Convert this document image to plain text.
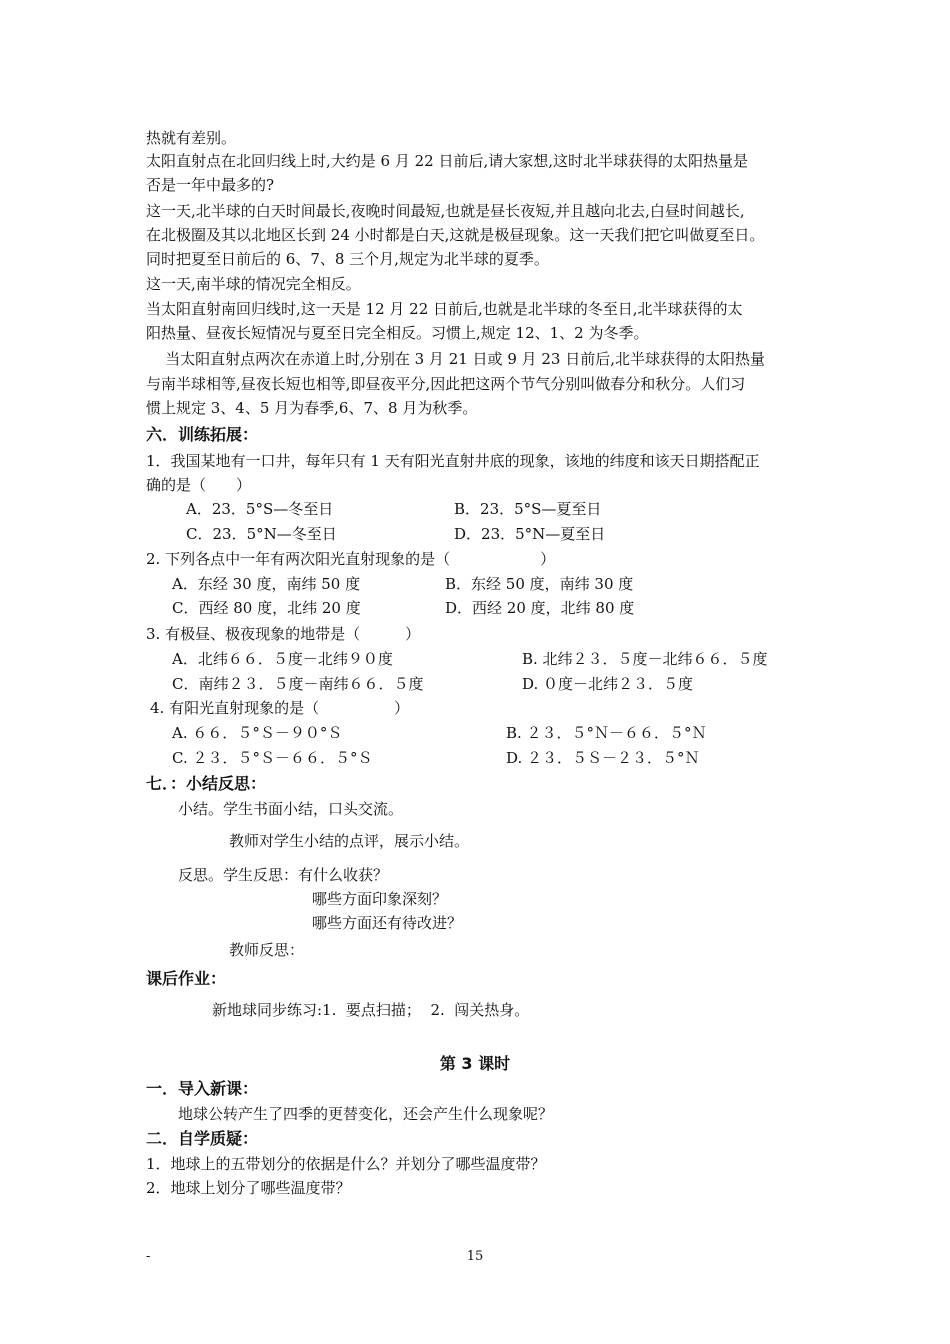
热就有差别。
太阳直射点在北回归线上时,大约是 6 月 22 日前后,请大家想,这时北半球获得的太阳热量是
否是一年中最多的?
这一天,北半球的白天时间最长,夜晚时间最短,也就是昼长夜短,并且越向北去,白昼时间越长,
在北极圈及其以北地区长到 24 小时都是白天,这就是极昼现象。这一天我们把它叫做夏至日。
同时把夏至日前后的 6、7、8 三个月,规定为北半球的夏季。
这一天,南半球的情况完全相反。
当太阳直射南回归线时,这一天是 12 月 22 日前后,也就是北半球的冬至日,北半球获得的太
阳热量、昼夜长短情况与夏至日完全相反。习惯上,规定 12、1、2 为冬季。
当太阳直射点两次在赤道上时,分别在 3 月 21 日或 9 月 23 日前后,北半球获得的太阳热量
与南半球相等,昼夜长短也相等,即昼夜平分,因此把这两个节气分别叫做春分和秋分。人们习
惯上规定 3、4、5 月为春季,6、7、8 月为秋季。
六．训练拓展：
1．我国某地有一口井，每年只有 1 天有阳光直射井底的现象，该地的纬度和该天日期搭配正
确的是（　　）
A．23．5°S—冬至日	B．23．5°S—夏至日
C．23．5°N—冬至日	D．23．5°N—夏至日
2. 下列各点中一年有两次阳光直射现象的是（　　　　　　）
A．东经 30 度，南纬 50 度	B．东经 50 度，南纬 30 度
C．西经 80 度，北纬 20 度	D．西经 20 度，北纬 80 度
3. 有极昼、极夜现象的地带是（　　　）
A．北纬６６．５度－北纬９０度	B. 北纬２３．５度－北纬６６．５度
C．南纬２３．５度－南纬６６．５度	D. ０度－北纬２３．５度
4. 有阳光直射现象的是（　　　　　）
A. ６６．５°Ｓ－９０°Ｓ	B. ２３．５°Ｎ－６６．５°Ｎ
C. ２３．５°Ｓ－６６．５°Ｓ	D. ２３．５Ｓ－２３．５°Ｎ
七．：小结反思：
小结。学生书面小结，口头交流。
教师对学生小结的点评，展示小结。
反思。学生反思：有什么收获？
哪些方面印象深刻？
哪些方面还有待改进？
教师反思：
课后作业：
新地球同步练习:1.  要点扫描；  2.  闯关热身。
第 3 课时
一．导入新课：
地球公转产生了四季的更替变化，还会产生什么现象呢？
二．自学质疑：
1．地球上的五带划分的依据是什么？并划分了哪些温度带？
2．地球上划分了哪些温度带？
-	15
